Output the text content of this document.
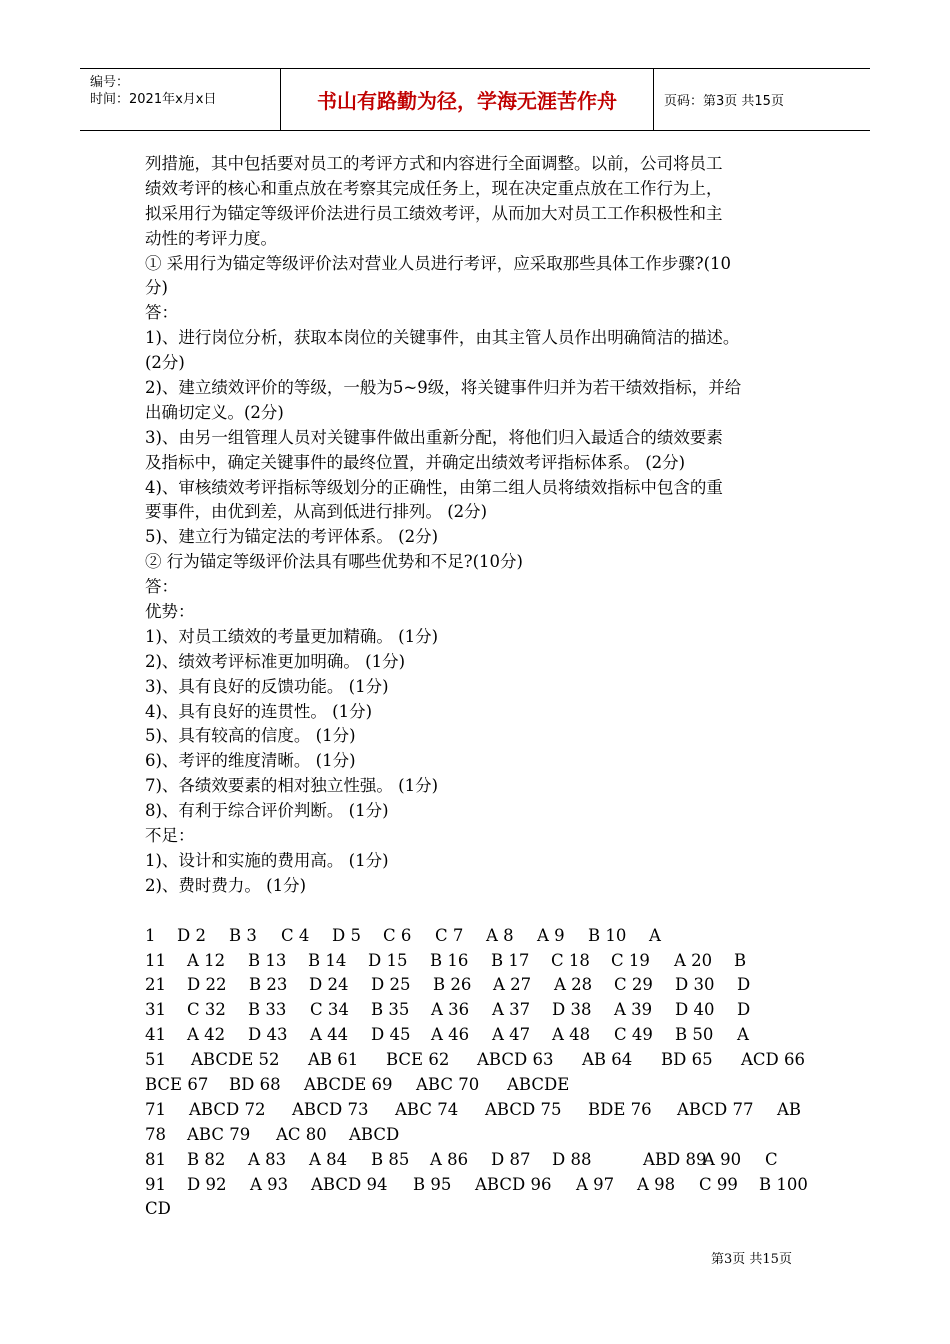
编号：
时间：2021年x月x日	书山有路勤为径，学海无涯苦作舟	页码：第3页 共15页
列措施，其中包括要对员工的考评方式和内容进行全面调整。以前，公司将员工
绩效考评的核心和重点放在考察其完成任务上，现在决定重点放在工作行为上，
拟采用行为锚定等级评价法进行员工绩效考评，从而加大对员工工作积极性和主
动性的考评力度。
① 采用行为锚定等级评价法对营业人员进行考评，应采取那些具体工作步骤?(10
分)
答：
1)、进行岗位分析，获取本岗位的关键事件，由其主管人员作出明确简洁的描述。
(2分)
2)、建立绩效评价的等级，一般为5~9级，将关键事件归并为若干绩效指标，并给
出确切定义。(2分)
3)、由另一组管理人员对关键事件做出重新分配，将他们归入最适合的绩效要素
及指标中，确定关键事件的最终位置，并确定出绩效考评指标体系。 (2分)
4)、审核绩效考评指标等级划分的正确性，由第二组人员将绩效指标中包含的重
要事件，由优到差，从高到低进行排列。 (2分)
5)、建立行为锚定法的考评体系。 (2分)
② 行为锚定等级评价法具有哪些优势和不足?(10分)
答：
优势：
1)、对员工绩效的考量更加精确。 (1分)
2)、绩效考评标准更加明确。 (1分)
3)、具有良好的反馈功能。 (1分)
4)、具有良好的连贯性。 (1分)
5)、具有较高的信度。 (1分)
6)、考评的维度清晰。 (1分)
7)、各绩效要素的相对独立性强。 (1分)
8)、有利于综合评价判断。 (1分)
不足：
1)、设计和实施的费用高。 (1分)
2)、费时费力。 (1分)
1 D 2 B 3 C 4 D 5 C 6 C 7 A 8 A 9 B 10 A
11 A 12 B 13 B 14 D 15 B 16 B 17 C 18 C 19 A 20 B
21 D 22 B 23 D 24 D 25 B 26 A 27 A 28 C 29 D 30 D
31 C 32 B 33 C 34 B 35 A 36 A 37 D 38 A 39 D 40 D
41 A 42 D 43 A 44 D 45 A 46 A 47 A 48 C 49 B 50 A
51 ABCDE 52 AB 61 BCE 62 ABCD 63 AB 64 BD 65 ACD 66
BCE 67 BD 68 ABCDE 69 ABC 70 ABCDE
71 ABCD 72 ABCD 73 ABC 74 ABCD 75 BDE 76 ABCD 77 AB
78 ABC 79 AC 80 ABCD
81 B 82 A 83 A 84 B 85 A 86 D 87 D 88	ABD 89
A 90 C
91 D 92 A 93 ABCD 94 B 95 ABCD 96 A 97 A 98 C 99 B 100
CD
第3页 共15页
